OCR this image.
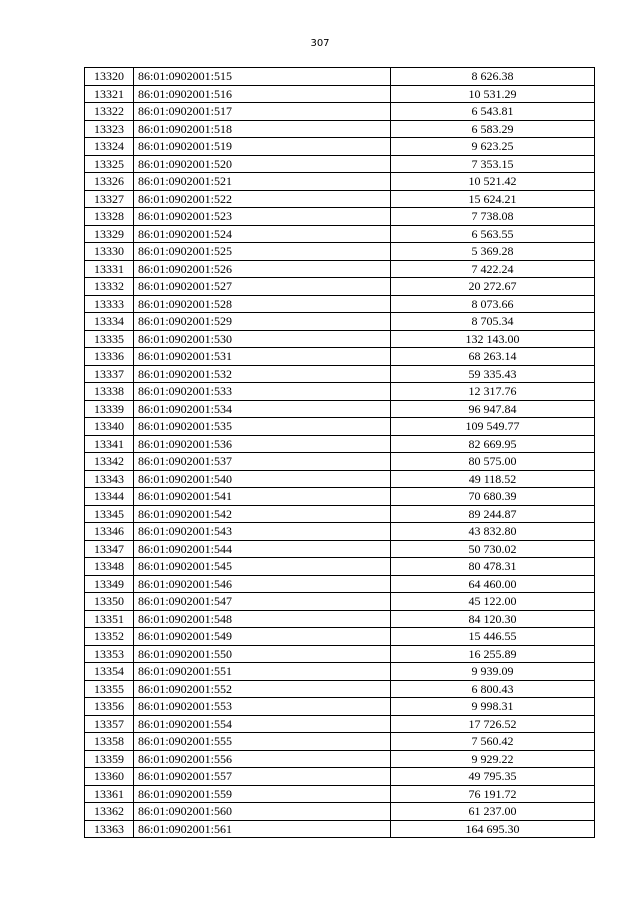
307
13320	86:01:0902001:515	8 626.38
13321	86:01:0902001:516	10 531.29
13322	86:01:0902001:517	6 543.81
13323	86:01:0902001:518	6 583.29
13324	86:01:0902001:519	9 623.25
13325	86:01:0902001:520	7 353.15
13326	86:01:0902001:521	10 521.42
13327	86:01:0902001:522	15 624.21
13328	86:01:0902001:523	7 738.08
13329	86:01:0902001:524	6 563.55
13330	86:01:0902001:525	5 369.28
13331	86:01:0902001:526	7 422.24
13332	86:01:0902001:527	20 272.67
13333	86:01:0902001:528	8 073.66
13334	86:01:0902001:529	8 705.34
13335	86:01:0902001:530	132 143.00
13336	86:01:0902001:531	68 263.14
13337	86:01:0902001:532	59 335.43
13338	86:01:0902001:533	12 317.76
13339	86:01:0902001:534	96 947.84
13340	86:01:0902001:535	109 549.77
13341	86:01:0902001:536	82 669.95
13342	86:01:0902001:537	80 575.00
13343	86:01:0902001:540	49 118.52
13344	86:01:0902001:541	70 680.39
13345	86:01:0902001:542	89 244.87
13346	86:01:0902001:543	43 832.80
13347	86:01:0902001:544	50 730.02
13348	86:01:0902001:545	80 478.31
13349	86:01:0902001:546	64 460.00
13350	86:01:0902001:547	45 122.00
13351	86:01:0902001:548	84 120.30
13352	86:01:0902001:549	15 446.55
13353	86:01:0902001:550	16 255.89
13354	86:01:0902001:551	9 939.09
13355	86:01:0902001:552	6 800.43
13356	86:01:0902001:553	9 998.31
13357	86:01:0902001:554	17 726.52
13358	86:01:0902001:555	7 560.42
13359	86:01:0902001:556	9 929.22
13360	86:01:0902001:557	49 795.35
13361	86:01:0902001:559	76 191.72
13362	86:01:0902001:560	61 237.00
13363	86:01:0902001:561	164 695.30
